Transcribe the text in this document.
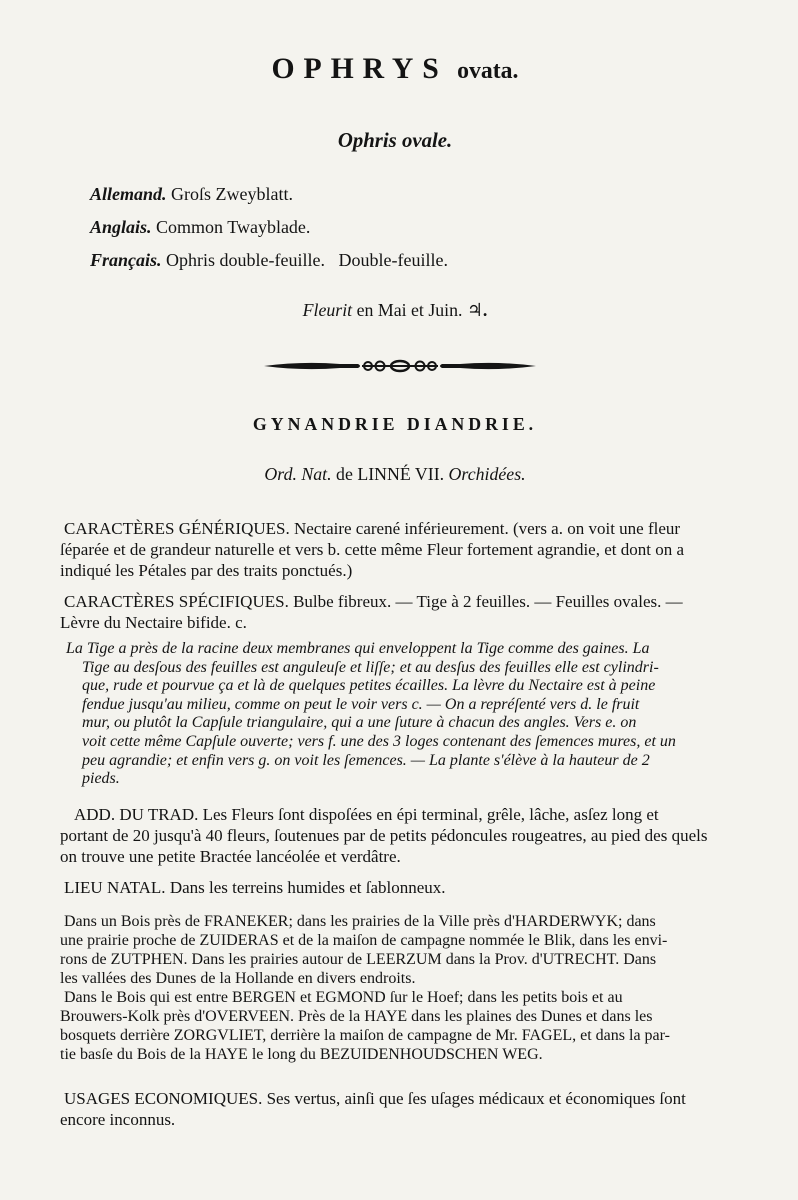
OPHRYS ovata.
Ophris ovale.
Allemand. Groſs Zweyblatt.
Anglais. Common Twayblade.
Français. Ophris double-feuille.   Double-feuille.
Fleurit en Mai et Juin. ♃.
GYNANDRIE DIANDRIE.
Ord. Nat. de LINNÉ VII. Orchidées.
CARACTÈRES GÉNÉRIQUES. Nectaire carené inférieurement. (vers a. on voit une fleur
ſéparée et de grandeur naturelle et vers b. cette même Fleur fortement agrandie, et dont on a
indiqué les Pétales par des traits ponctués.)
CARACTÈRES SPÉCIFIQUES. Bulbe fibreux. — Tige à 2 feuilles. — Feuilles ovales. —
Lèvre du Nectaire bifide. c.
La Tige a près de la racine deux membranes qui enveloppent la Tige comme des gaines. La
Tige au desſous des feuilles est anguleuſe et liſſe; et au desſus des feuilles elle est cylindri-
que, rude et pourvue ça et là de quelques petites écailles. La lèvre du Nectaire est à peine
fendue jusqu'au milieu, comme on peut le voir vers c. — On a repréſenté vers d. le fruit
mur, ou plutôt la Capſule triangulaire, qui a une ſuture à chacun des angles. Vers e. on
voit cette même Capſule ouverte; vers f. une des 3 loges contenant des ſemences mures, et un
peu agrandie; et enfin vers g. on voit les ſemences. — La plante s'élève à la hauteur de 2
pieds.
ADD. DU TRAD. Les Fleurs ſont dispoſées en épi terminal, grêle, lâche, asſez long et
portant de 20 jusqu'à 40 fleurs, ſoutenues par de petits pédoncules rougeatres, au pied des quels
on trouve une petite Bractée lancéolée et verdâtre.
LIEU NATAL. Dans les terreins humides et ſablonneux.
Dans un Bois près de FRANEKER; dans les prairies de la Ville près d'HARDERWYK; dans
une prairie proche de ZUIDERAS et de la maiſon de campagne nommée le Blik, dans les envi-
rons de ZUTPHEN. Dans les prairies autour de LEERZUM dans la Prov. d'UTRECHT. Dans
les vallées des Dunes de la Hollande en divers endroits.
Dans le Bois qui est entre BERGEN et EGMOND ſur le Hoef; dans les petits bois et au
Brouwers-Kolk près d'OVERVEEN. Près de la HAYE dans les plaines des Dunes et dans les
bosquets derrière ZORGVLIET, derrière la maiſon de campagne de Mr. FAGEL, et dans la par-
tie basſe du Bois de la HAYE le long du BEZUIDENHOUDSCHEN WEG.
USAGES ECONOMIQUES. Ses vertus, ainſi que ſes uſages médicaux et économiques ſont
encore inconnus.
